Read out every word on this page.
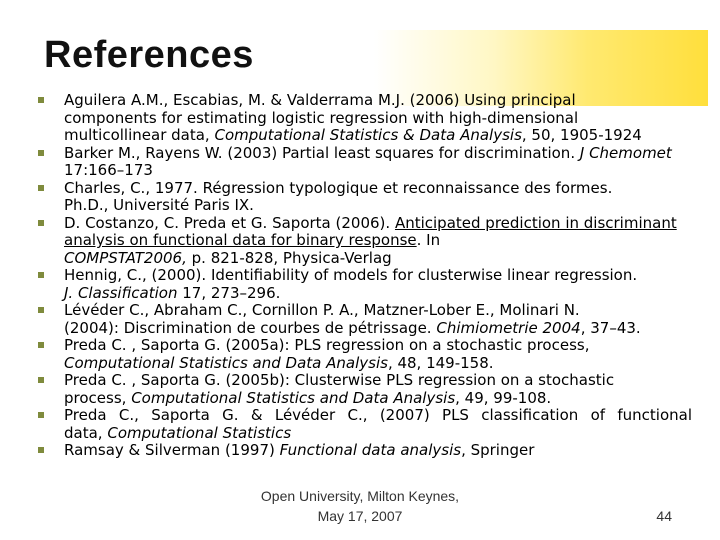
References
Aguilera A.M., Escabias, M. & Valderrama M.J. (2006) Using principal
components for estimating logistic regression with high-dimensional
multicollinear data, Computational Statistics & Data Analysis, 50, 1905-1924
Barker M., Rayens W. (2003) Partial least squares for discrimination. J Chemomet 17:166–173
Charles, C., 1977. Régression typologique et reconnaissance des formes.
Ph.D., Université Paris IX.
D. Costanzo, C. Preda et G. Saporta (2006). Anticipated prediction in discriminant analysis on functional data for binary response. In
COMPSTAT2006, p. 821-828, Physica-Verlag
Hennig, C., (2000). Identifiability of models for clusterwise linear regression.
J. Classification 17, 273–296.
Lévéder C., Abraham C., Cornillon P. A., Matzner-Lober E., Molinari N.
(2004): Discrimination de courbes de pétrissage. Chimiometrie 2004, 37–43.
Preda C. , Saporta G. (2005a): PLS regression on a stochastic process,
Computational Statistics and Data Analysis, 48, 149-158.
Preda C. , Saporta G. (2005b): Clusterwise PLS regression on a stochastic
process, Computational Statistics and Data Analysis, 49, 99-108.
Preda C., Saporta G. & Lévéder C., (2007) PLS classification of functional
data, Computational Statistics
Ramsay & Silverman (1997) Functional data analysis, Springer
Open University, Milton Keynes,
May 17, 2007	44
